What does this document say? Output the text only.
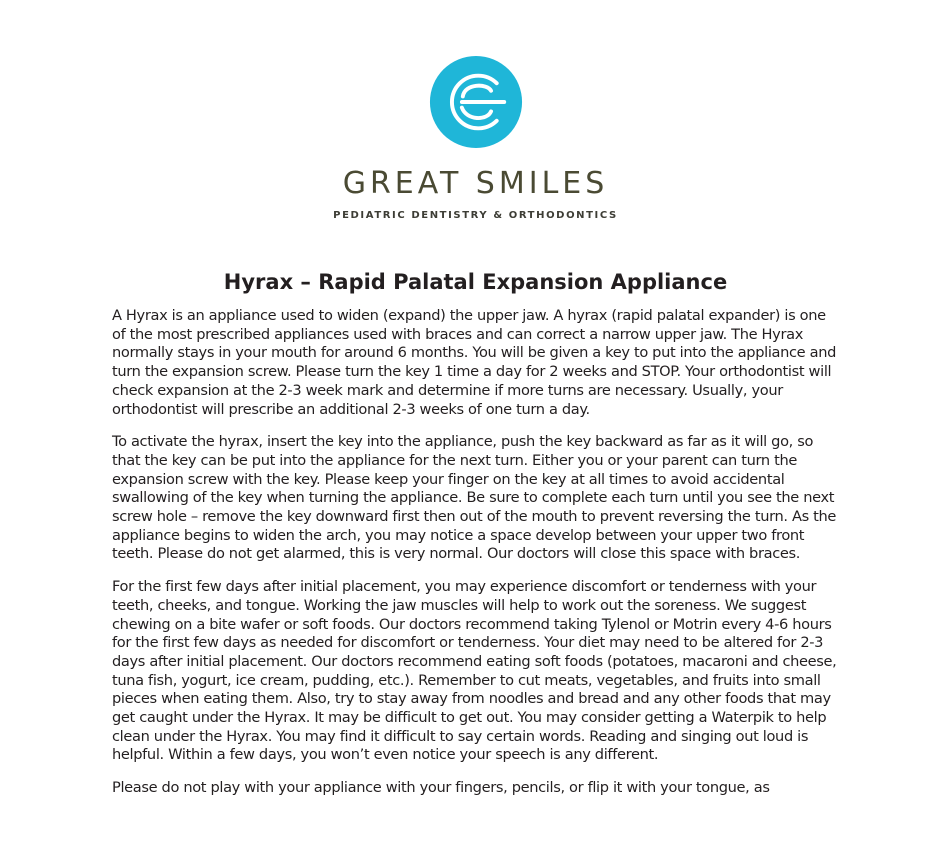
GREAT SMILES
PEDIATRIC DENTISTRY & ORTHODONTICS
Hyrax – Rapid Palatal Expansion Appliance

A Hyrax is an appliance used to widen (expand) the upper jaw. A hyrax (rapid palatal expander) is one of the most prescribed appliances used with braces and can correct a narrow upper jaw. The Hyrax normally stays in your mouth for around 6 months. You will be given a key to put into the appliance and turn the expansion screw. Please turn the key 1 time a day for 2 weeks and STOP. Your orthodontist will check expansion at the 2-3 week mark and determine if more turns are necessary. Usually, your orthodontist will prescribe an additional 2-3 weeks of one turn a day.

To activate the hyrax, insert the key into the appliance, push the key backward as far as it will go, so that the key can be put into the appliance for the next turn. Either you or your parent can turn the expansion screw with the key. Please keep your finger on the key at all times to avoid accidental swallowing of the key when turning the appliance. Be sure to complete each turn until you see the next screw hole – remove the key downward first then out of the mouth to prevent reversing the turn. As the appliance begins to widen the arch, you may notice a space develop between your upper two front teeth. Please do not get alarmed, this is very normal. Our doctors will close this space with braces.

For the first few days after initial placement, you may experience discomfort or tenderness with your teeth, cheeks, and tongue. Working the jaw muscles will help to work out the soreness. We suggest chewing on a bite wafer or soft foods. Our doctors recommend taking Tylenol or Motrin every 4-6 hours for the first few days as needed for discomfort or tenderness. Your diet may need to be altered for 2-3 days after initial placement. Our doctors recommend eating soft foods (potatoes, macaroni and cheese, tuna fish, yogurt, ice cream, pudding, etc.). Remember to cut meats, vegetables, and fruits into small pieces when eating them. Also, try to stay away from noodles and bread and any other foods that may get caught under the Hyrax. It may be difficult to get out. You may consider getting a Waterpik to help clean under the Hyrax. You may find it difficult to say certain words. Reading and singing out loud is helpful. Within a few days, you won’t even notice your speech is any different.

Please do not play with your appliance with your fingers, pencils, or flip it with your tongue, as
